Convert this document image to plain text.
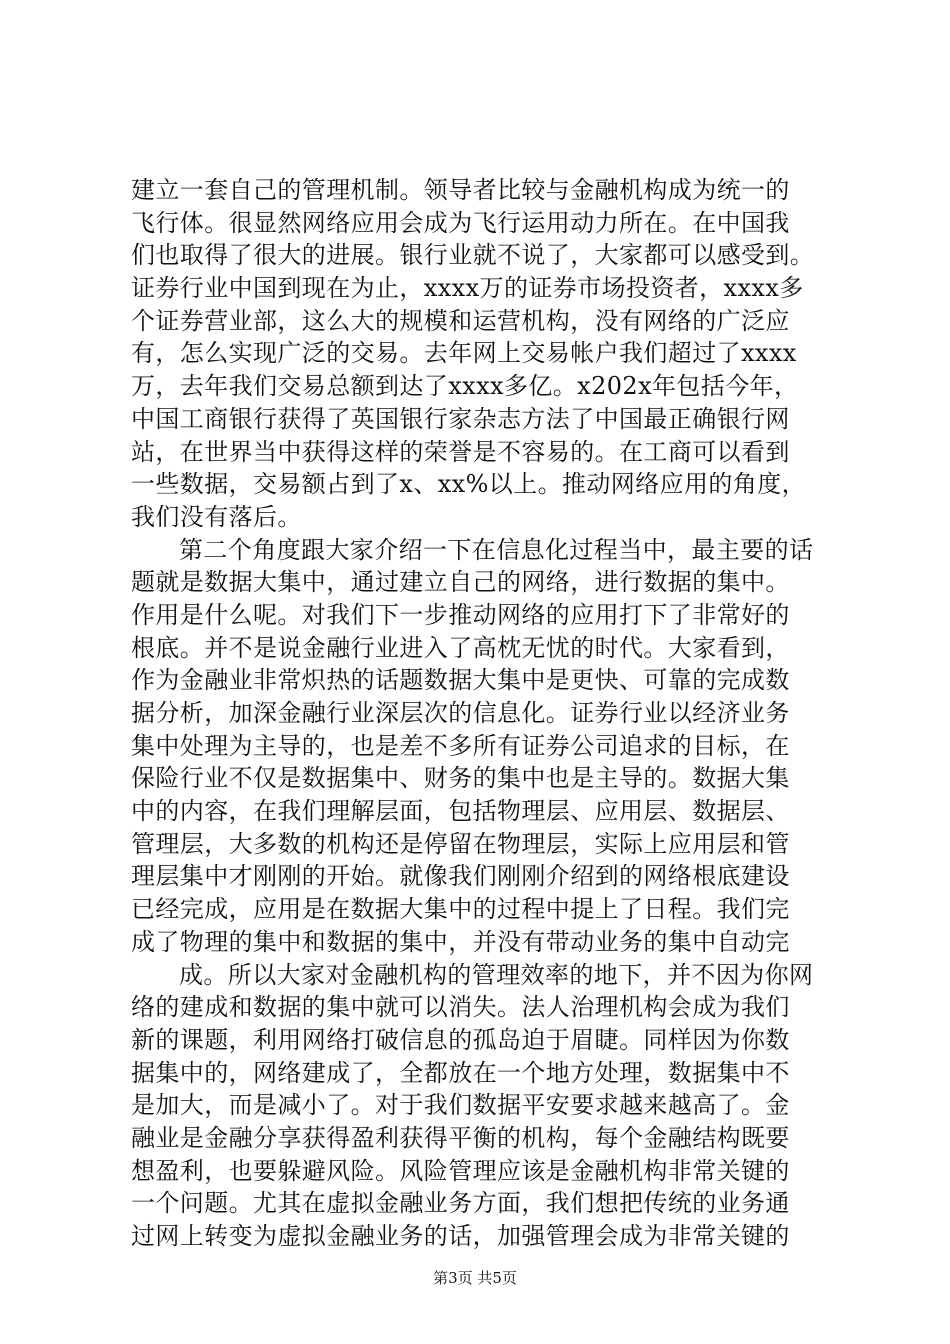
建立一套自己的管理机制。领导者比较与金融机构成为统一的
飞行体。很显然网络应用会成为飞行运用动力所在。在中国我
们也取得了很大的进展。银行业就不说了，大家都可以感受到。
证券行业中国到现在为止，xxxx万的证券市场投资者，xxxx多
个证券营业部，这么大的规模和运营机构，没有网络的广泛应
有，怎么实现广泛的交易。去年网上交易帐户我们超过了xxxx
万，去年我们交易总额到达了xxxx多亿。x202x年包括今年，
中国工商银行获得了英国银行家杂志方法了中国最正确银行网
站，在世界当中获得这样的荣誉是不容易的。在工商可以看到
一些数据，交易额占到了x、xx%以上。推动网络应用的角度，
我们没有落后。
第二个角度跟大家介绍一下在信息化过程当中，最主要的话
题就是数据大集中，通过建立自己的网络，进行数据的集中。
作用是什么呢。对我们下一步推动网络的应用打下了非常好的
根底。并不是说金融行业进入了高枕无忧的时代。大家看到，
作为金融业非常炽热的话题数据大集中是更快、可靠的完成数
据分析，加深金融行业深层次的信息化。证券行业以经济业务
集中处理为主导的，也是差不多所有证券公司追求的目标，在
保险行业不仅是数据集中、财务的集中也是主导的。数据大集
中的内容，在我们理解层面，包括物理层、应用层、数据层、
管理层，大多数的机构还是停留在物理层，实际上应用层和管
理层集中才刚刚的开始。就像我们刚刚介绍到的网络根底建设
已经完成，应用是在数据大集中的过程中提上了日程。我们完
成了物理的集中和数据的集中，并没有带动业务的集中自动完
成。所以大家对金融机构的管理效率的地下，并不因为你网
络的建成和数据的集中就可以消失。法人治理机构会成为我们
新的课题，利用网络打破信息的孤岛迫于眉睫。同样因为你数
据集中的，网络建成了，全都放在一个地方处理，数据集中不
是加大，而是减小了。对于我们数据平安要求越来越高了。金
融业是金融分享获得盈利获得平衡的机构，每个金融结构既要
想盈利，也要躲避风险。风险管理应该是金融机构非常关键的
一个问题。尤其在虚拟金融业务方面，我们想把传统的业务通
过网上转变为虚拟金融业务的话，加强管理会成为非常关键的
第3页 共5页
